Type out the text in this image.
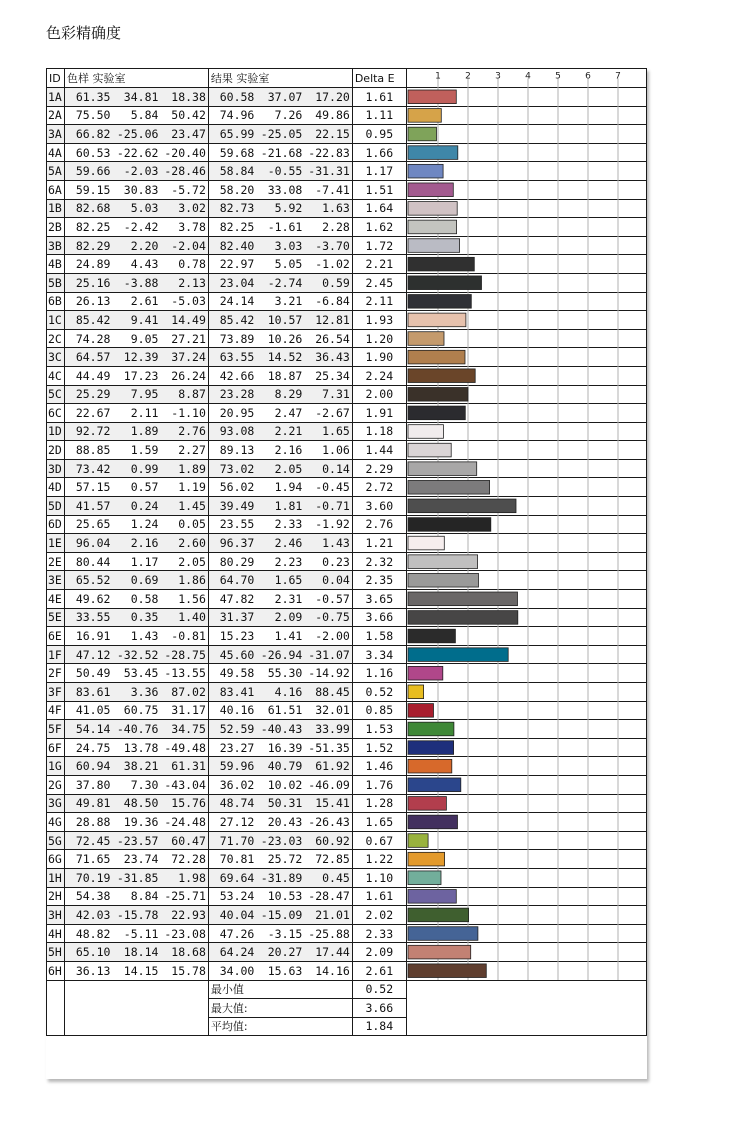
色彩精确度
ID	色样 实验室			结果 实验室			Delta E	
1A	61.35	34.81	18.38	60.58	37.07	17.20	1.61	
2A	75.50	5.84	50.42	74.96	7.26	49.86	1.11	
3A	66.82	-25.06	23.47	65.99	-25.05	22.15	0.95	
4A	60.53	-22.62	-20.40	59.68	-21.68	-22.83	1.66	
5A	59.66	-2.03	-28.46	58.84	-0.55	-31.31	1.17	
6A	59.15	30.83	-5.72	58.20	33.08	-7.41	1.51	
1B	82.68	5.03	3.02	82.73	5.92	1.63	1.64	
2B	82.25	-2.42	3.78	82.25	-1.61	2.28	1.62	
3B	82.29	2.20	-2.04	82.40	3.03	-3.70	1.72	
4B	24.89	4.43	0.78	22.97	5.05	-1.02	2.21	
5B	25.16	-3.88	2.13	23.04	-2.74	0.59	2.45	
6B	26.13	2.61	-5.03	24.14	3.21	-6.84	2.11	
1C	85.42	9.41	14.49	85.42	10.57	12.81	1.93	
2C	74.28	9.05	27.21	73.89	10.26	26.54	1.20	
3C	64.57	12.39	37.24	63.55	14.52	36.43	1.90	
4C	44.49	17.23	26.24	42.66	18.87	25.34	2.24	
5C	25.29	7.95	8.87	23.28	8.29	7.31	2.00	
6C	22.67	2.11	-1.10	20.95	2.47	-2.67	1.91	
1D	92.72	1.89	2.76	93.08	2.21	1.65	1.18	
2D	88.85	1.59	2.27	89.13	2.16	1.06	1.44	
3D	73.42	0.99	1.89	73.02	2.05	0.14	2.29	
4D	57.15	0.57	1.19	56.02	1.94	-0.45	2.72	
5D	41.57	0.24	1.45	39.49	1.81	-0.71	3.60	
6D	25.65	1.24	0.05	23.55	2.33	-1.92	2.76	
1E	96.04	2.16	2.60	96.37	2.46	1.43	1.21	
2E	80.44	1.17	2.05	80.29	2.23	0.23	2.32	
3E	65.52	0.69	1.86	64.70	1.65	0.04	2.35	
4E	49.62	0.58	1.56	47.82	2.31	-0.57	3.65	
5E	33.55	0.35	1.40	31.37	2.09	-0.75	3.66	
6E	16.91	1.43	-0.81	15.23	1.41	-2.00	1.58	
1F	47.12	-32.52	-28.75	45.60	-26.94	-31.07	3.34	
2F	50.49	53.45	-13.55	49.58	55.30	-14.92	1.16	
3F	83.61	3.36	87.02	83.41	4.16	88.45	0.52	
4F	41.05	60.75	31.17	40.16	61.51	32.01	0.85	
5F	54.14	-40.76	34.75	52.59	-40.43	33.99	1.53	
6F	24.75	13.78	-49.48	23.27	16.39	-51.35	1.52	
1G	60.94	38.21	61.31	59.96	40.79	61.92	1.46	
2G	37.80	7.30	-43.04	36.02	10.02	-46.09	1.76	
3G	49.81	48.50	15.76	48.74	50.31	15.41	1.28	
4G	28.88	19.36	-24.48	27.12	20.43	-26.43	1.65	
5G	72.45	-23.57	60.47	71.70	-23.03	60.92	0.67	
6G	71.65	23.74	72.28	70.81	25.72	72.85	1.22	
1H	70.19	-31.85	1.98	69.64	-31.89	0.45	1.10	
2H	54.38	8.84	-25.71	53.24	10.53	-28.47	1.61	
3H	42.03	-15.78	22.93	40.04	-15.09	21.01	2.02	
4H	48.82	-5.11	-23.08	47.26	-3.15	-25.88	2.33	
5H	65.10	18.14	18.68	64.24	20.27	17.44	2.09	
6H	36.13	14.15	15.78	34.00	15.63	14.16	2.61	
				最小值			0.52	
				最大值:			3.66	
				平均值:			1.84	
1	2	3	4	5	6	7
